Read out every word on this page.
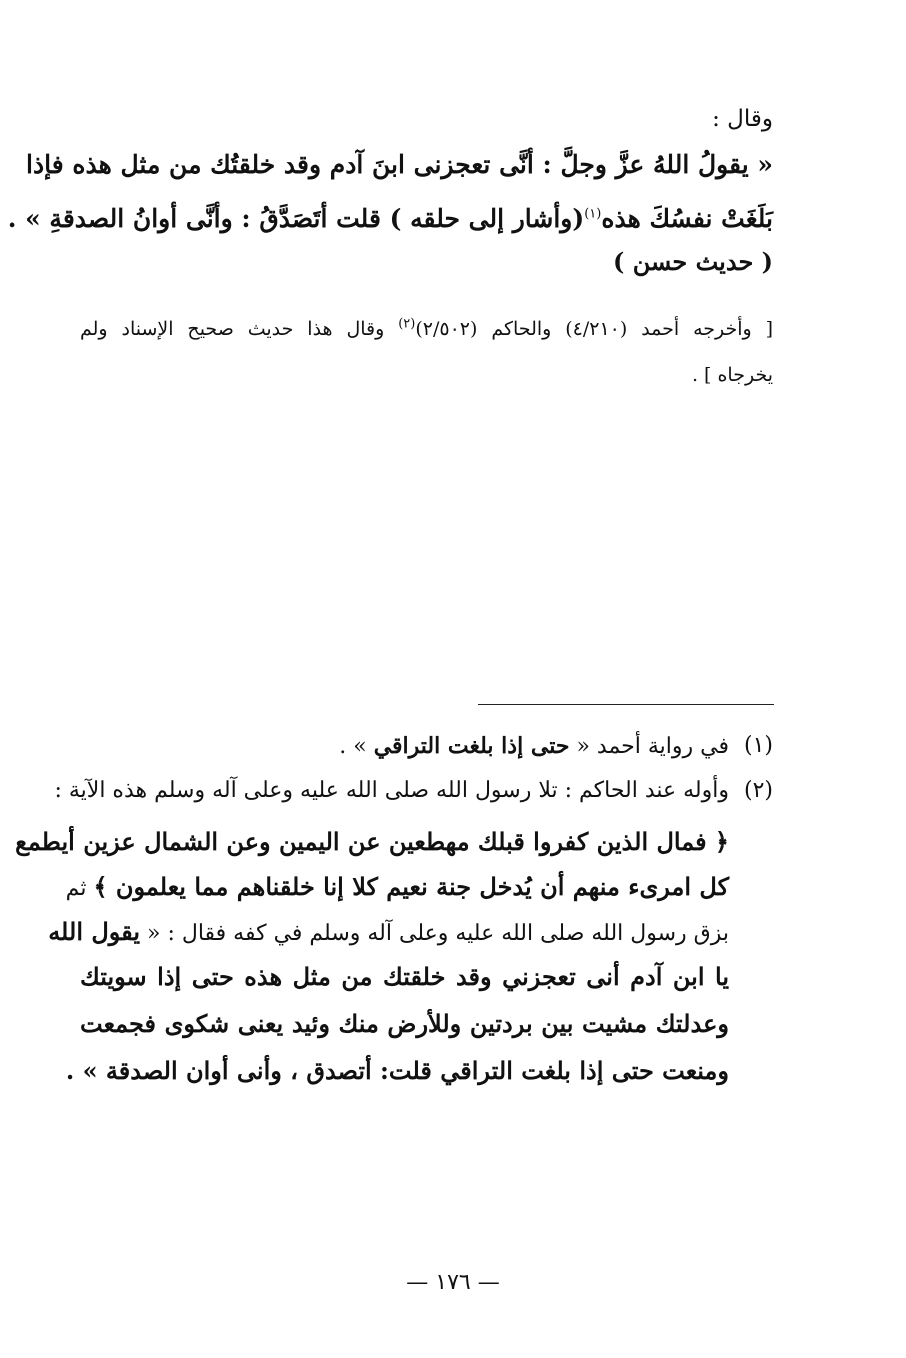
وقال :

« يقولُ اللهُ عزَّ وجلَّ : أنَّى تعجزنى ابنَ آدم وقد خلقتُك من مثل هذه فإذا

بَلَغَتْ نفسُكَ هذه$^{(١)}$(وأشار إلى حلقه ) قلت أتَصَدَّقُ : وأنَّى أوانُ الصدقةِ » .

( حديث حسن )

[ وأخرجه أحمد (٤/٢١٠) والحاكم (٢/٥٠٢)$^{(٢)}$ وقال هذا حديث صحيح الإسناد ولم

يخرجاه ] .

(١)

في رواية أحمد « حتى إذا بلغت التراقي » .

(٢)

وأوله عند الحاكم : تلا رسول الله صلى الله عليه وعلى آله وسلم هذه الآية :

﴿ فمال الذين كفروا قبلك مهطعين عن اليمين وعن الشمال عزين أيطمع

كل امرىء منهم أن يُدخل جنة نعيم كلا إنا خلقناهم مما يعلمون ﴾ ثم

بزق رسول الله صلى الله عليه وعلى آله وسلم في كفه فقال : « يقول الله

يا ابن آدم أنى تعجزني وقد خلقتك من مثل هذه حتى إذا سويتك

وعدلتك مشيت بين بردتين وللأرض منك وئيد يعنى شكوى فجمعت

ومنعت حتى إذا بلغت التراقي قلت: أتصدق ، وأنى أوان الصدقة » .

— ١٧٦ —
